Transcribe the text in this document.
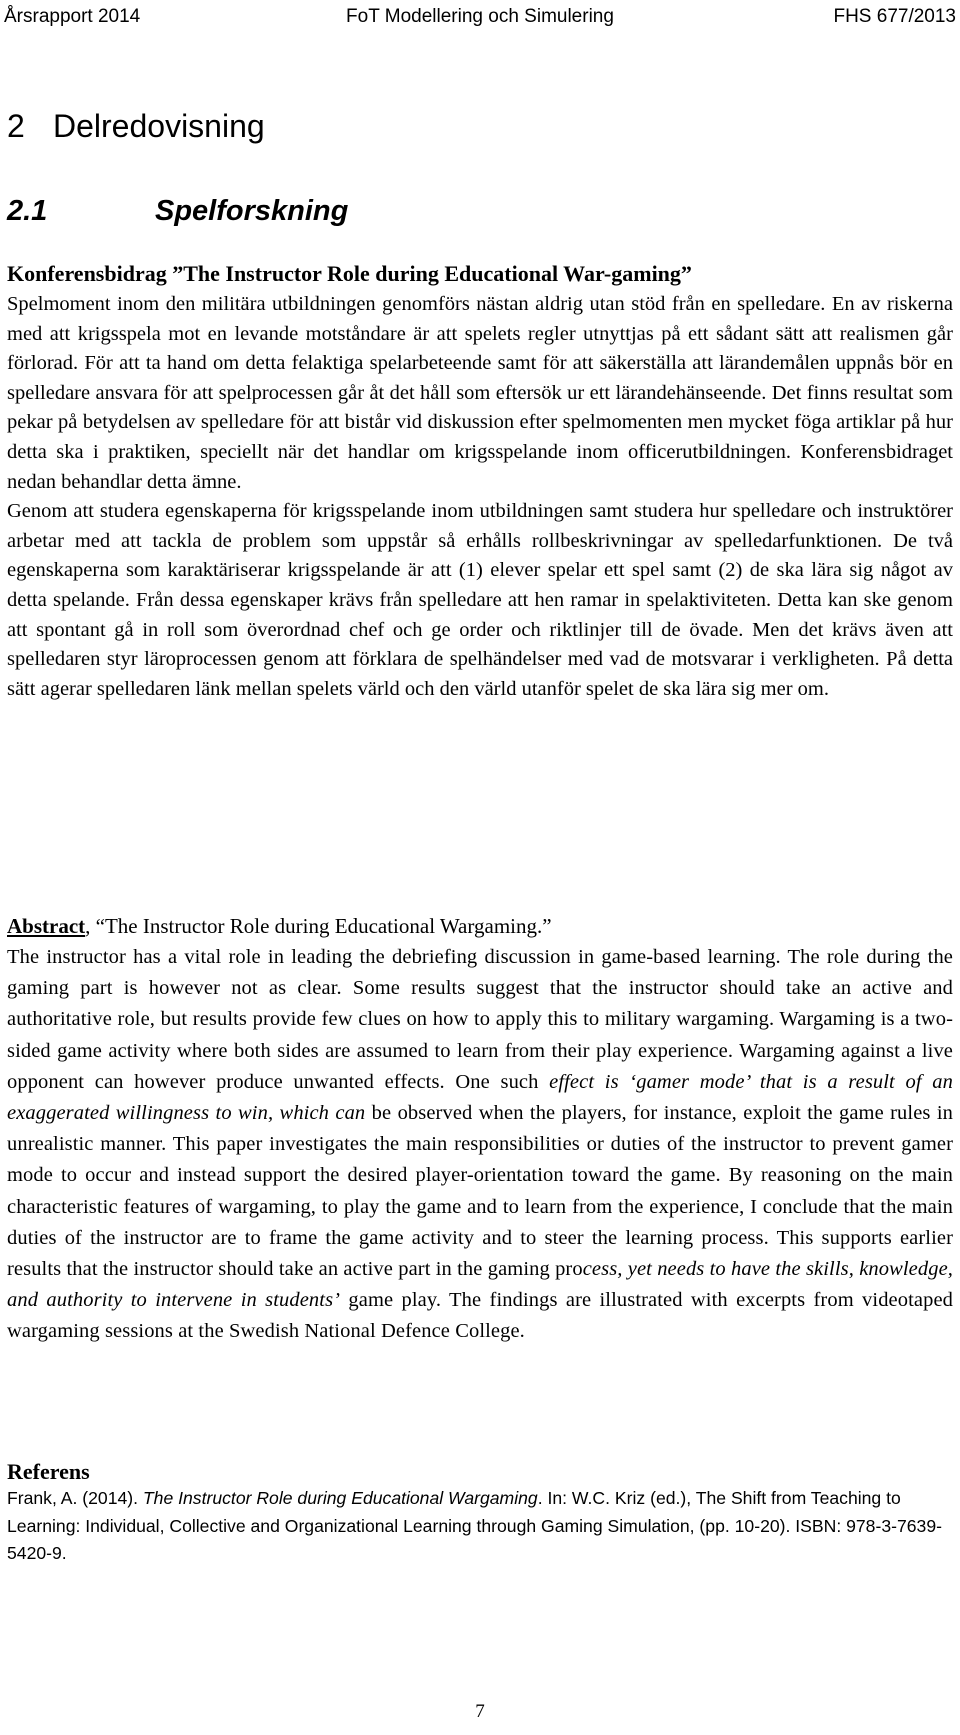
Årsrapport 2014	FoT Modellering och Simulering	FHS 677/2013
2 Delredovisning
2.1	Spelforskning
Konferensbidrag ”The Instructor Role during Educational War-gaming”

Spelmoment inom den militära utbildningen genomförs nästan aldrig utan stöd från en spelledare. En av riskerna med att krigsspela mot en levande motståndare är att spelets regler utnyttjas på ett sådant sätt att realismen går förlorad. För att ta hand om detta felaktiga spelarbeteende samt för att säkerställa att lärandemålen uppnås bör en spelledare ansvara för att spelprocessen går åt det håll som eftersök ur ett lärandehänseende. Det finns resultat som pekar på betydelsen av spelledare för att bistår vid diskussion efter spelmomenten men mycket föga artiklar på hur detta ska i praktiken, speciellt när det handlar om krigsspelande inom officerutbildningen. Konferensbidraget nedan behandlar detta ämne.

Genom att studera egenskaperna för krigsspelande inom utbildningen samt studera hur spelledare och instruktörer arbetar med att tackla de problem som uppstår så erhålls rollbeskrivningar av spelledarfunktionen. De två egenskaperna som karaktäriserar krigsspelande är att (1) elever spelar ett spel samt (2) de ska lära sig något av detta spelande. Från dessa egenskaper krävs från spelledare att hen ramar in spelaktiviteten. Detta kan ske genom att spontant gå in roll som överordnad chef och ge order och riktlinjer till de övade. Men det krävs även att spelledaren styr läroprocessen genom att förklara de spelhändelser med vad de motsvarar i verkligheten. På detta sätt agerar spelledaren länk mellan spelets värld och den värld utanför spelet de ska lära sig mer om.

Abstract, “The Instructor Role during Educational Wargaming.”

The instructor has a vital role in leading the debriefing discussion in game-based learning. The role during the gaming part is however not as clear. Some results suggest that the instructor should take an active and authoritative role, but results provide few clues on how to apply this to military wargaming. Wargaming is a two-sided game activity where both sides are assumed to learn from their play experience. Wargaming against a live opponent can however produce unwanted effects. One such effect is ‘gamer mode’ that is a result of an exaggerated willingness to win, which can be observed when the players, for instance, exploit the game rules in unrealistic manner. This paper investigates the main responsibilities or duties of the instructor to prevent gamer mode to occur and instead support the desired player-orientation toward the game. By reasoning on the main characteristic features of wargaming, to play the game and to learn from the experience, I conclude that the main duties of the instructor are to frame the game activity and to steer the learning process. This supports earlier results that the instructor should take an active part in the gaming process, yet needs to have the skills, knowledge, and authority to intervene in students’ game play. The findings are illustrated with excerpts from videotaped wargaming sessions at the Swedish National Defence College.

Referens

Frank, A. (2014). The Instructor Role during Educational Wargaming. In: W.C. Kriz (ed.), The Shift from Teaching to Learning: Individual, Collective and Organizational Learning through Gaming Simulation, (pp. 10-20). ISBN: 978-3-7639-5420-9.

7
